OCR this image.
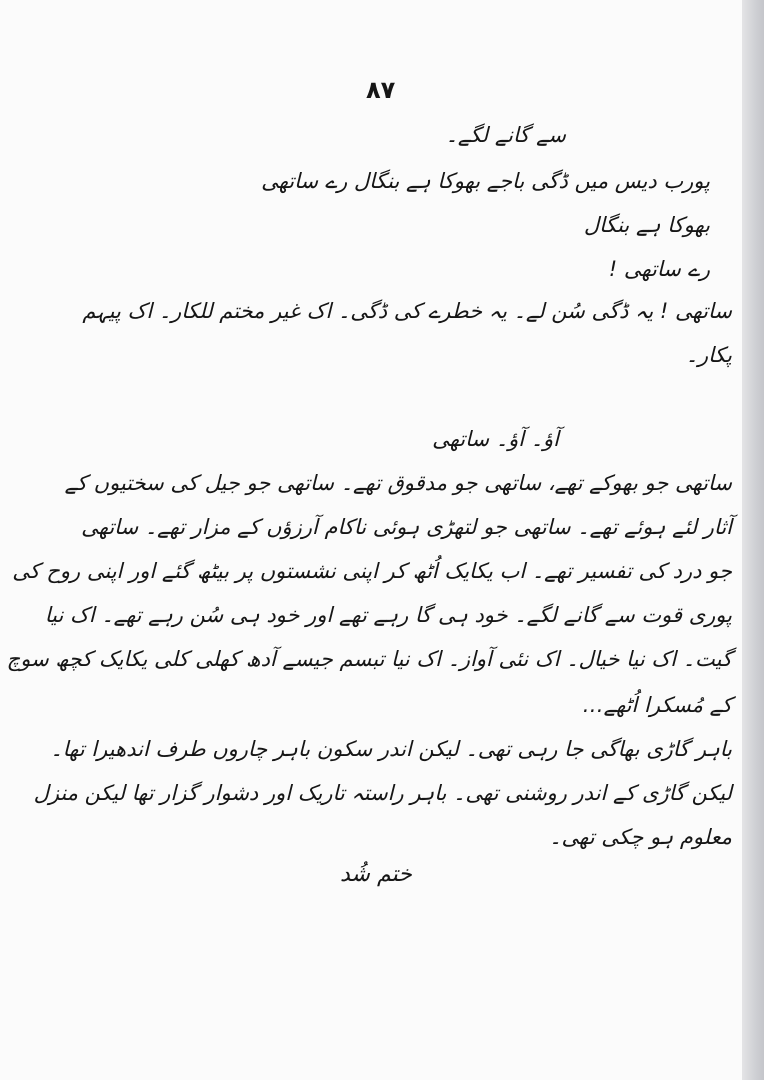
۸۷
سے گانے لگے۔
پورب دیس میں ڈگی باجے بھوکا ہے بنگال رے ساتھی
بھوکا ہے بنگال
رے ساتھی !
ساتھی ! یہ ڈگی سُن لے۔ یہ خطرے کی ڈگی۔ اک غیر مختم للکار۔ اک پیہم
پکار۔
آؤ۔ آؤ۔ ساتھی
ساتھی جو بھوکے تھے، ساتھی جو مدقوق تھے۔ ساتھی جو جیل کی سختیوں کے
آثار لئے ہوئے تھے۔ ساتھی جو لتھڑی ہوئی ناکام آرزؤں کے مزار تھے۔ ساتھی
جو درد کی تفسیر تھے۔ اب یکایک اُٹھ کر اپنی نشستوں پر بیٹھ گئے اور اپنی روح کی
پوری قوت سے گانے لگے۔ خود ہی گا رہے تھے اور خود ہی سُن رہے تھے۔ اک نیا
گیت۔ اک نیا خیال۔ اک نئی آواز۔ اک نیا تبسم جیسے آدھ کھلی کلی یکایک کچھ سوچ
کے مُسکرا اُٹھے…
باہر گاڑی بھاگی جا رہی تھی۔ لیکن اندر سکون باہر چاروں طرف اندھیرا تھا۔
لیکن گاڑی کے اندر روشنی تھی۔ باہر راستہ تاریک اور دشوار گزار تھا لیکن منزل
معلوم ہو چکی تھی۔
ختم شُد
